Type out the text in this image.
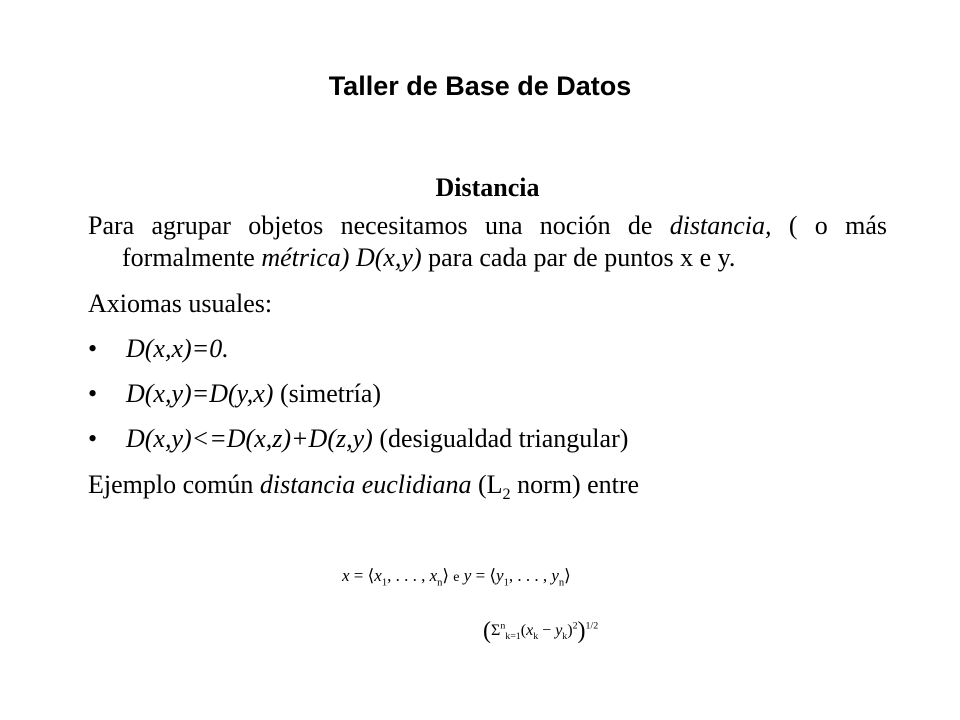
Taller de Base de Datos
Distancia

Para agrupar objetos necesitamos una noción de distancia, ( o más formalmente métrica) D(x,y) para cada par de puntos x e y.

Axiomas usuales:

•	D(x,x)=0.
•	D(x,y)=D(y,x) (simetría)
•	D(x,y)<=D(x,z)+D(z,y) (desigualdad triangular)

Ejemplo común distancia euclidiana ($L_2$ norm) entre

$x = ⟨x_1$, . . . , $x_n⟩$ e $y = ⟨y_1$, . . . , $y_n⟩$
$(\Sigma^n_{k=1}(x_k - y_k)^2)^{1/2}$
